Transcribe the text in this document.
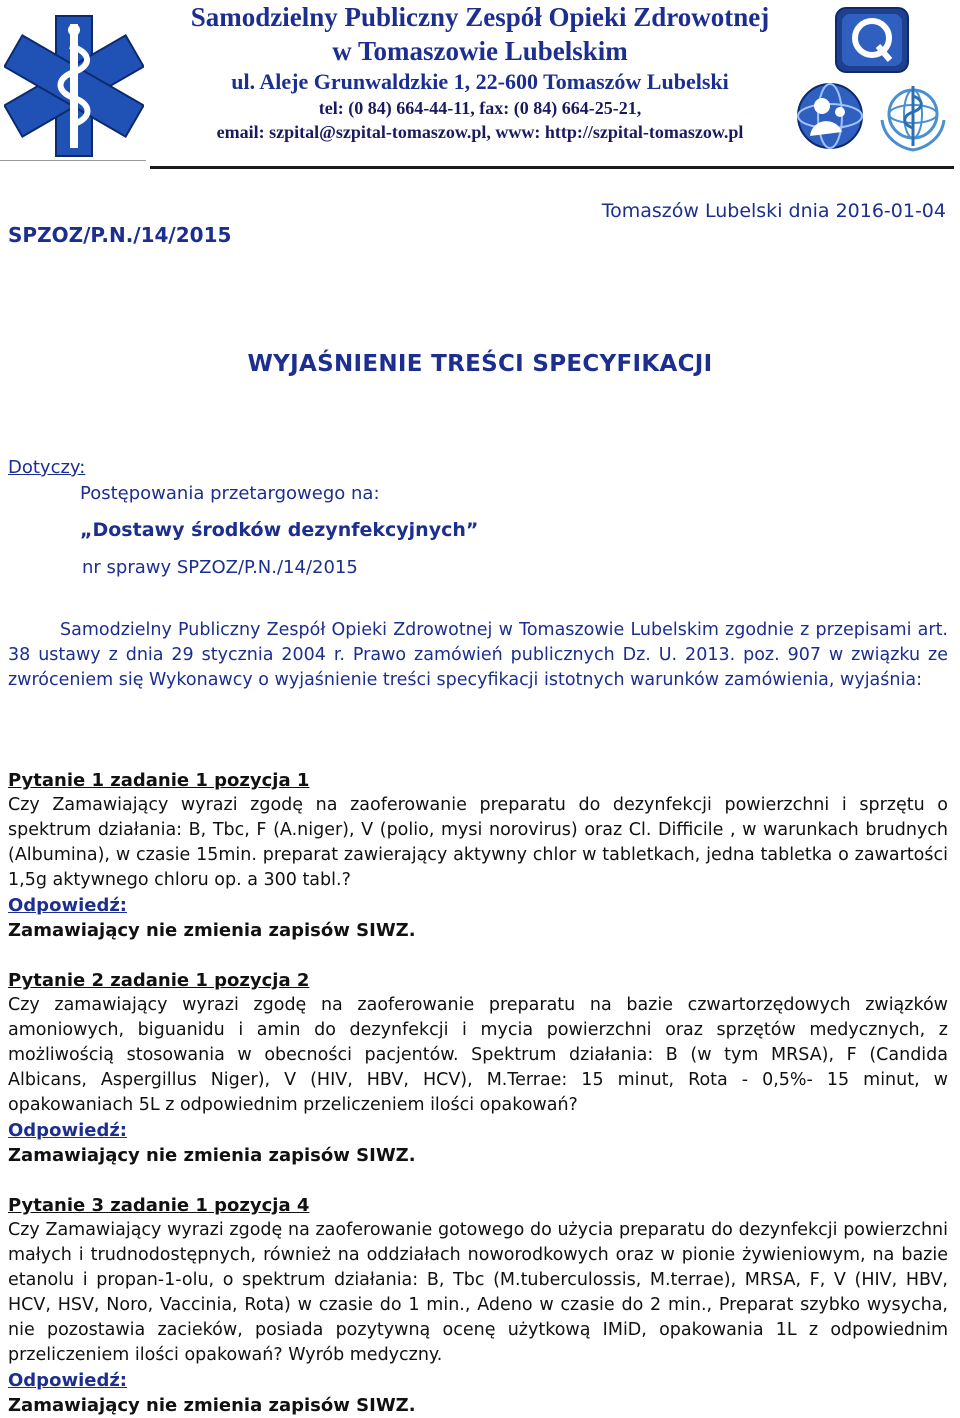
Samodzielny Publiczny Zespół Opieki Zdrowotnej
w Tomaszowie Lubelskim
ul. Aleje Grunwaldzkie 1, 22-600 Tomaszów Lubelski
tel: (0 84) 664-44-11, fax: (0 84) 664-25-21,
email: szpital@szpital-tomaszow.pl, www: http://szpital-tomaszow.pl
SPZOZ/P.N./14/2015
Tomaszów Lubelski dnia 2016-01-04
WYJAŚNIENIE TREŚCI SPECYFIKACJI
Dotyczy:
Postępowania przetargowego na:
„Dostawy środków dezynfekcyjnych”
nr sprawy SPZOZ/P.N./14/2015
Samodzielny Publiczny Zespół Opieki Zdrowotnej w Tomaszowie Lubelskim zgodnie z przepisami art. 38 ustawy z dnia 29 stycznia 2004 r. Prawo zamówień publicznych Dz. U. 2013. poz. 907 w związku ze zwróceniem się Wykonawcy o wyjaśnienie treści specyfikacji istotnych warunków zamówienia, wyjaśnia:
Pytanie 1 zadanie 1 pozycja 1
Czy Zamawiający wyrazi zgodę na zaoferowanie preparatu do dezynfekcji powierzchni i sprzętu o spektrum działania: B, Tbc, F (A.niger), V (polio, mysi norovirus) oraz Cl. Difficile , w warunkach brudnych (Albumina), w czasie 15min. preparat zawierający aktywny chlor w tabletkach, jedna tabletka o zawartości 1,5g aktywnego chloru op. a 300 tabl.?
Odpowiedź:
Zamawiający nie zmienia zapisów SIWZ.
Pytanie 2 zadanie 1 pozycja 2
Czy zamawiający wyrazi zgodę na zaoferowanie preparatu na bazie czwartorzędowych związków amoniowych, biguanidu i amin do dezynfekcji i mycia powierzchni oraz sprzętów medycznych, z możliwością stosowania w obecności pacjentów. Spektrum działania: B (w tym MRSA), F (Candida Albicans, Aspergillus Niger), V (HIV, HBV, HCV), M.Terrae: 15 minut, Rota - 0,5%- 15 minut, w opakowaniach 5L z odpowiednim przeliczeniem ilości opakowań?
Odpowiedź:
Zamawiający nie zmienia zapisów SIWZ.
Pytanie 3 zadanie 1 pozycja 4
Czy Zamawiający wyrazi zgodę na zaoferowanie gotowego do użycia preparatu do dezynfekcji powierzchni małych i trudnodostępnych, również na oddziałach noworodkowych oraz w pionie żywieniowym, na bazie etanolu i propan-1-olu, o spektrum działania: B, Tbc (M.tuberculossis, M.terrae), MRSA, F, V (HIV, HBV, HCV, HSV, Noro, Vaccinia, Rota) w czasie do 1 min., Adeno w czasie do 2 min., Preparat szybko wysycha, nie pozostawia zacieków, posiada pozytywną ocenę użytkową IMiD, opakowania 1L z odpowiednim przeliczeniem ilości opakowań? Wyrób medyczny.
Odpowiedź:
Zamawiający nie zmienia zapisów SIWZ.
